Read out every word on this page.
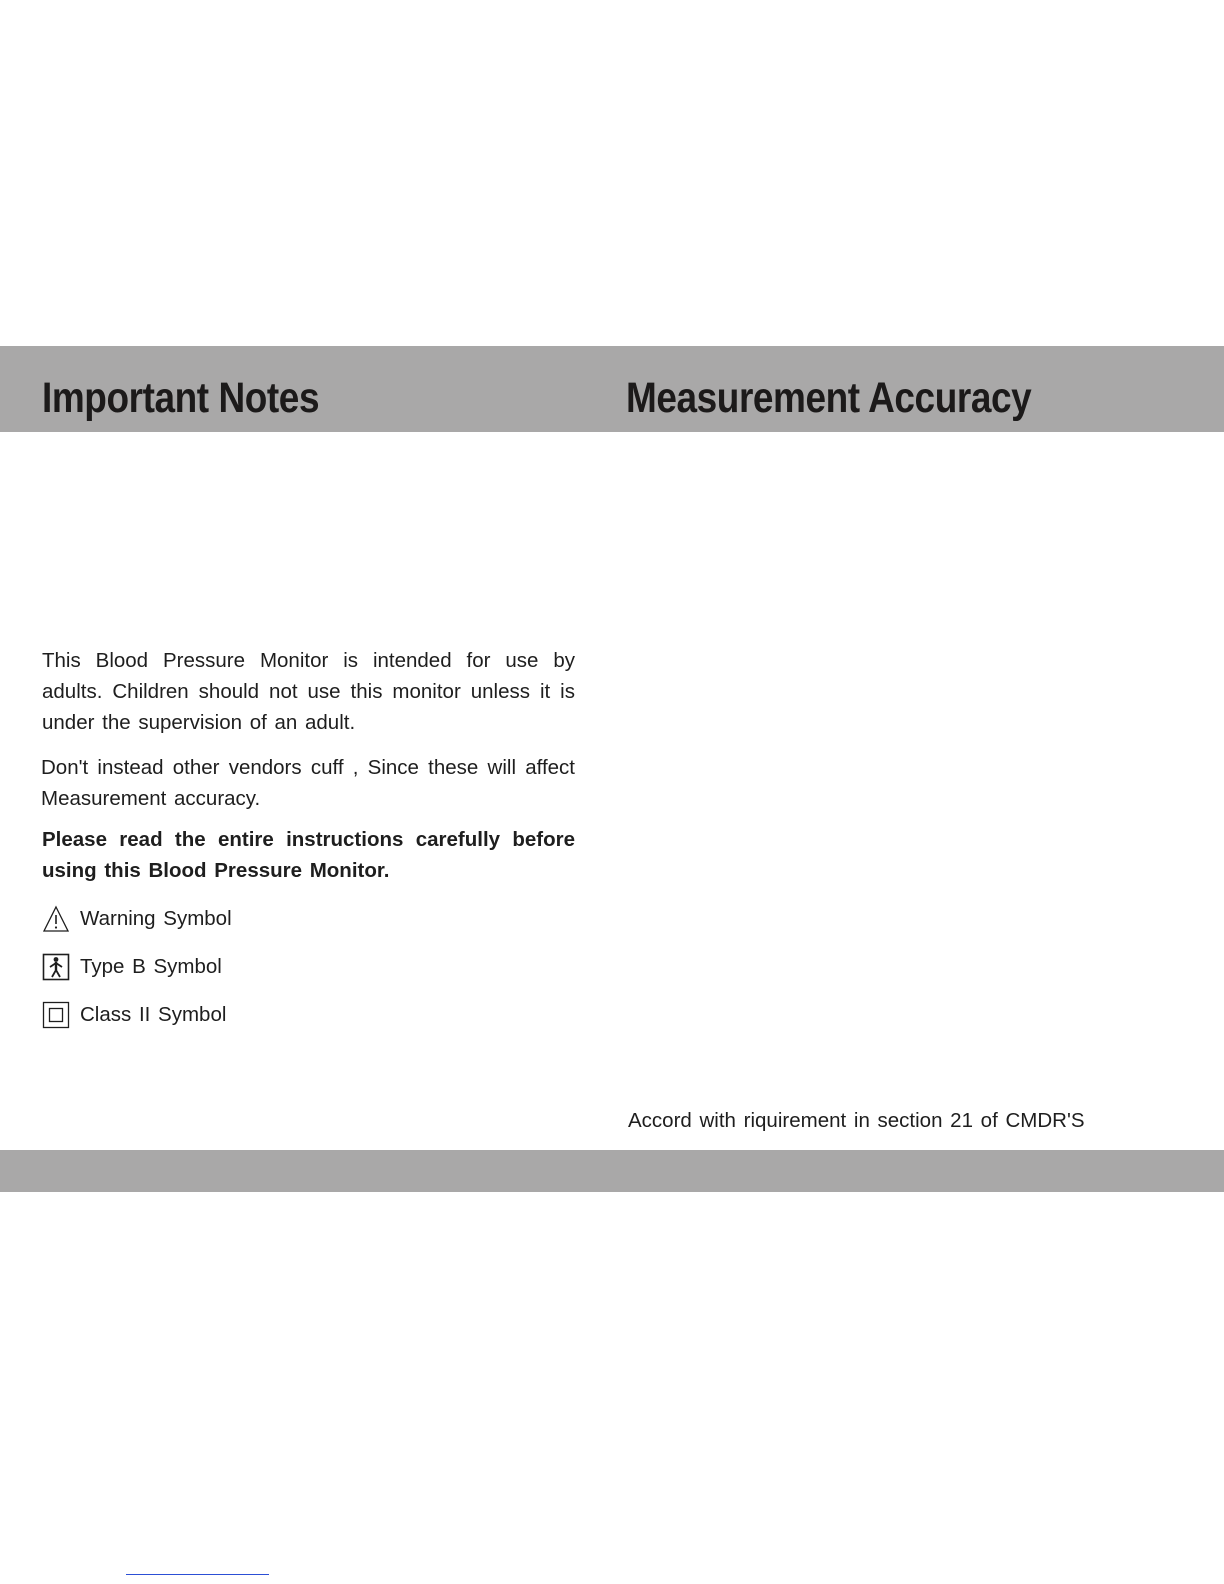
Important Notes	Measurement Accuracy

This Blood Pressure Monitor is intended for use by adults. Children should not use this monitor unless it is under the supervision of an adult.

Don't instead other vendors cuff , Since these will affect Measurement accuracy.

Please read the entire instructions carefully before using this Blood Pressure Monitor.

Warning Symbol
Type B Symbol
Class II Symbol

Accord with riquirement in section 21 of CMDR'S
